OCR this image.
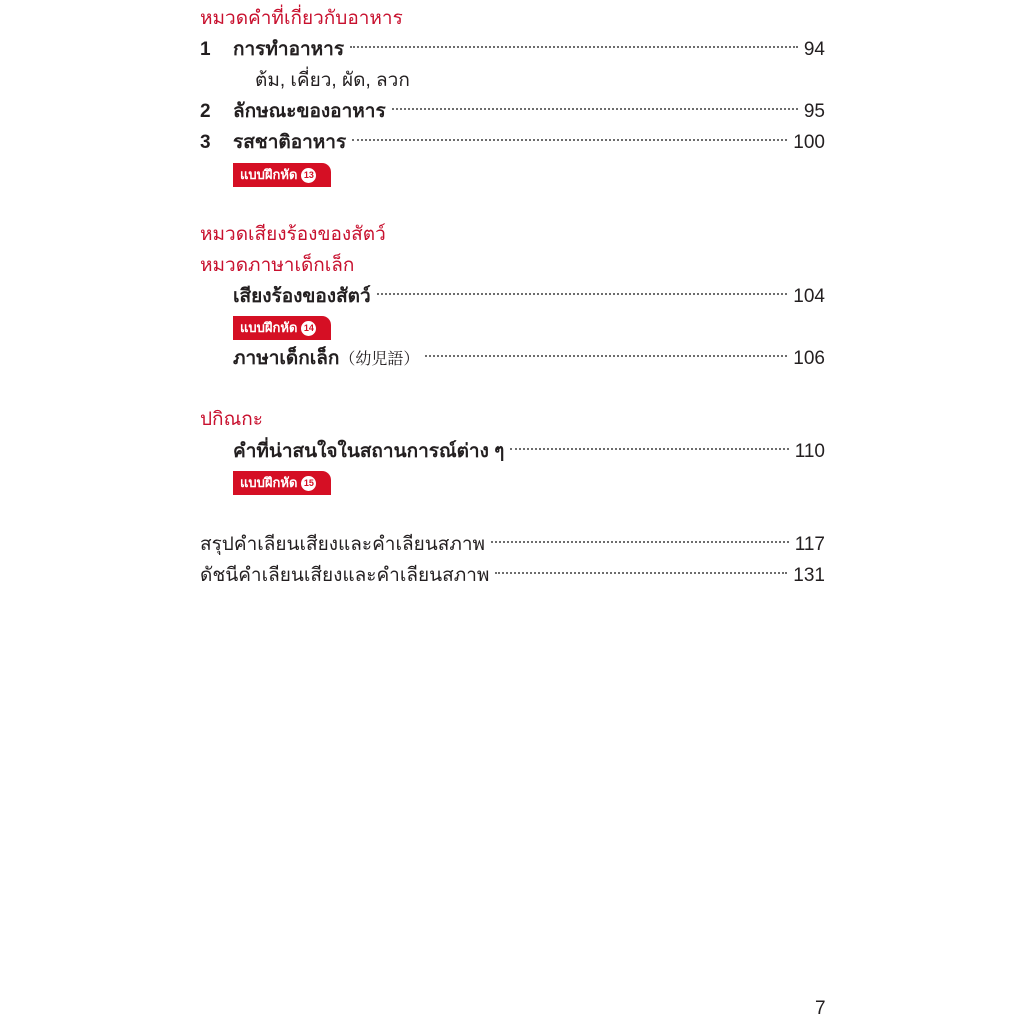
หมวดคำที่เกี่ยวกับอาหาร
1	การทำอาหาร	94
ต้ม, เคี่ยว, ผัด, ลวก
2	ลักษณะของอาหาร	95
3	รสชาติอาหาร	100
แบบฝึกหัด 13
หมวดเสียงร้องของสัตว์
หมวดภาษาเด็กเล็ก
เสียงร้องของสัตว์	104
แบบฝึกหัด 14
ภาษาเด็กเล็ก（幼児語）	106
ปกิณกะ
คำที่น่าสนใจในสถานการณ์ต่าง ๆ	110
แบบฝึกหัด 15
สรุปคำเลียนเสียงและคำเลียนสภาพ	117
ดัชนีคำเลียนเสียงและคำเลียนสภาพ	131
7
